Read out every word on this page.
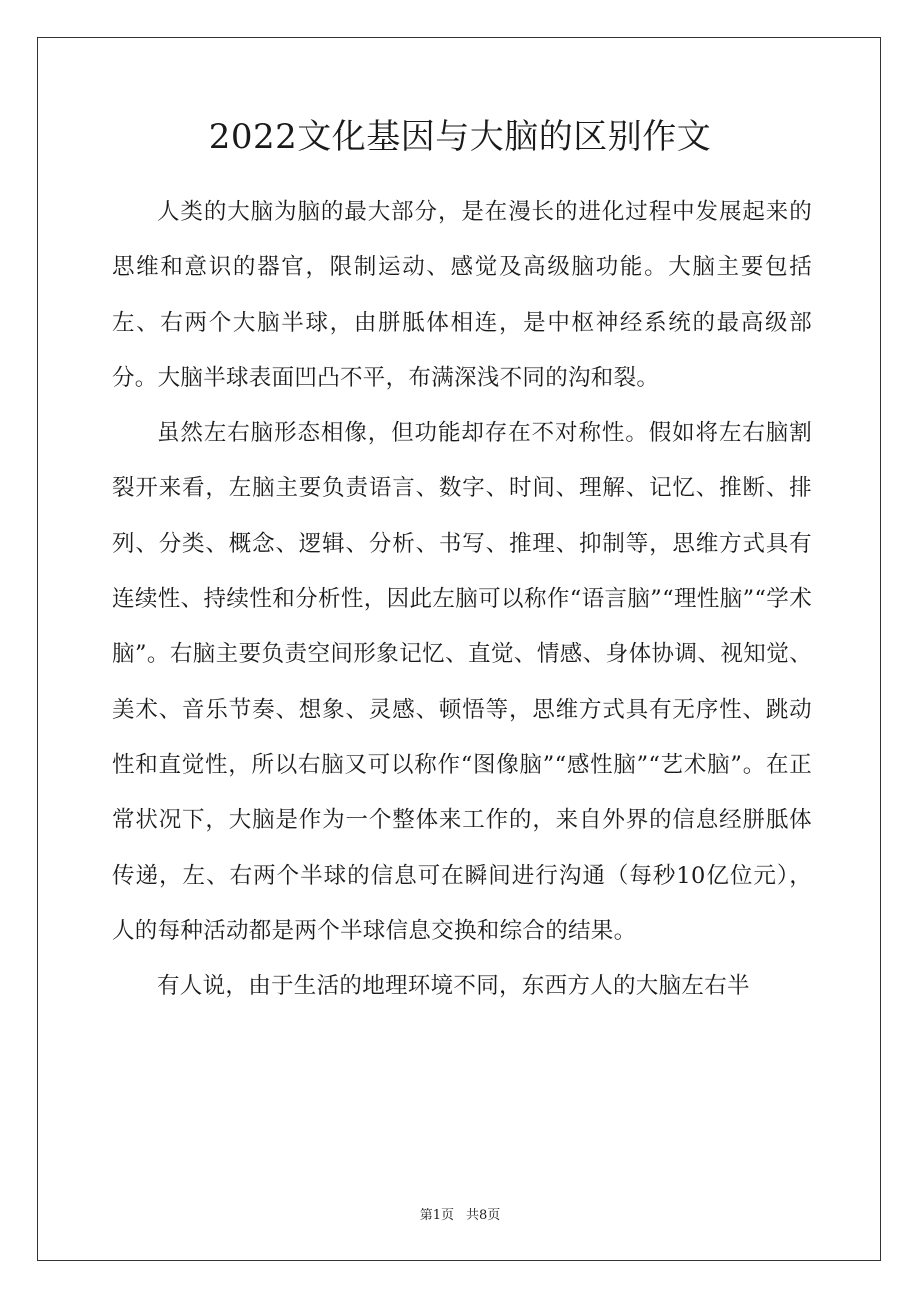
2022文化基因与大脑的区别作文

人类的大脑为脑的最大部分，是在漫长的进化过程中发展起来的思维和意识的器官，限制运动、感觉及高级脑功能。大脑主要包括左、右两个大脑半球，由胼胝体相连，是中枢神经系统的最高级部分。大脑半球表面凹凸不平，布满深浅不同的沟和裂。

虽然左右脑形态相像，但功能却存在不对称性。假如将左右脑割裂开来看，左脑主要负责语言、数字、时间、理解、记忆、推断、排列、分类、概念、逻辑、分析、书写、推理、抑制等，思维方式具有连续性、持续性和分析性，因此左脑可以称作“语言脑”“理性脑”“学术脑”。右脑主要负责空间形象记忆、直觉、情感、身体协调、视知觉、美术、音乐节奏、想象、灵感、顿悟等，思维方式具有无序性、跳动性和直觉性，所以右脑又可以称作“图像脑”“感性脑”“艺术脑”。在正常状况下，大脑是作为一个整体来工作的，来自外界的信息经胼胝体传递，左、右两个半球的信息可在瞬间进行沟通（每秒10亿位元），人的每种活动都是两个半球信息交换和综合的结果。

有人说，由于生活的地理环境不同，东西方人的大脑左右半

第1页 共8页
